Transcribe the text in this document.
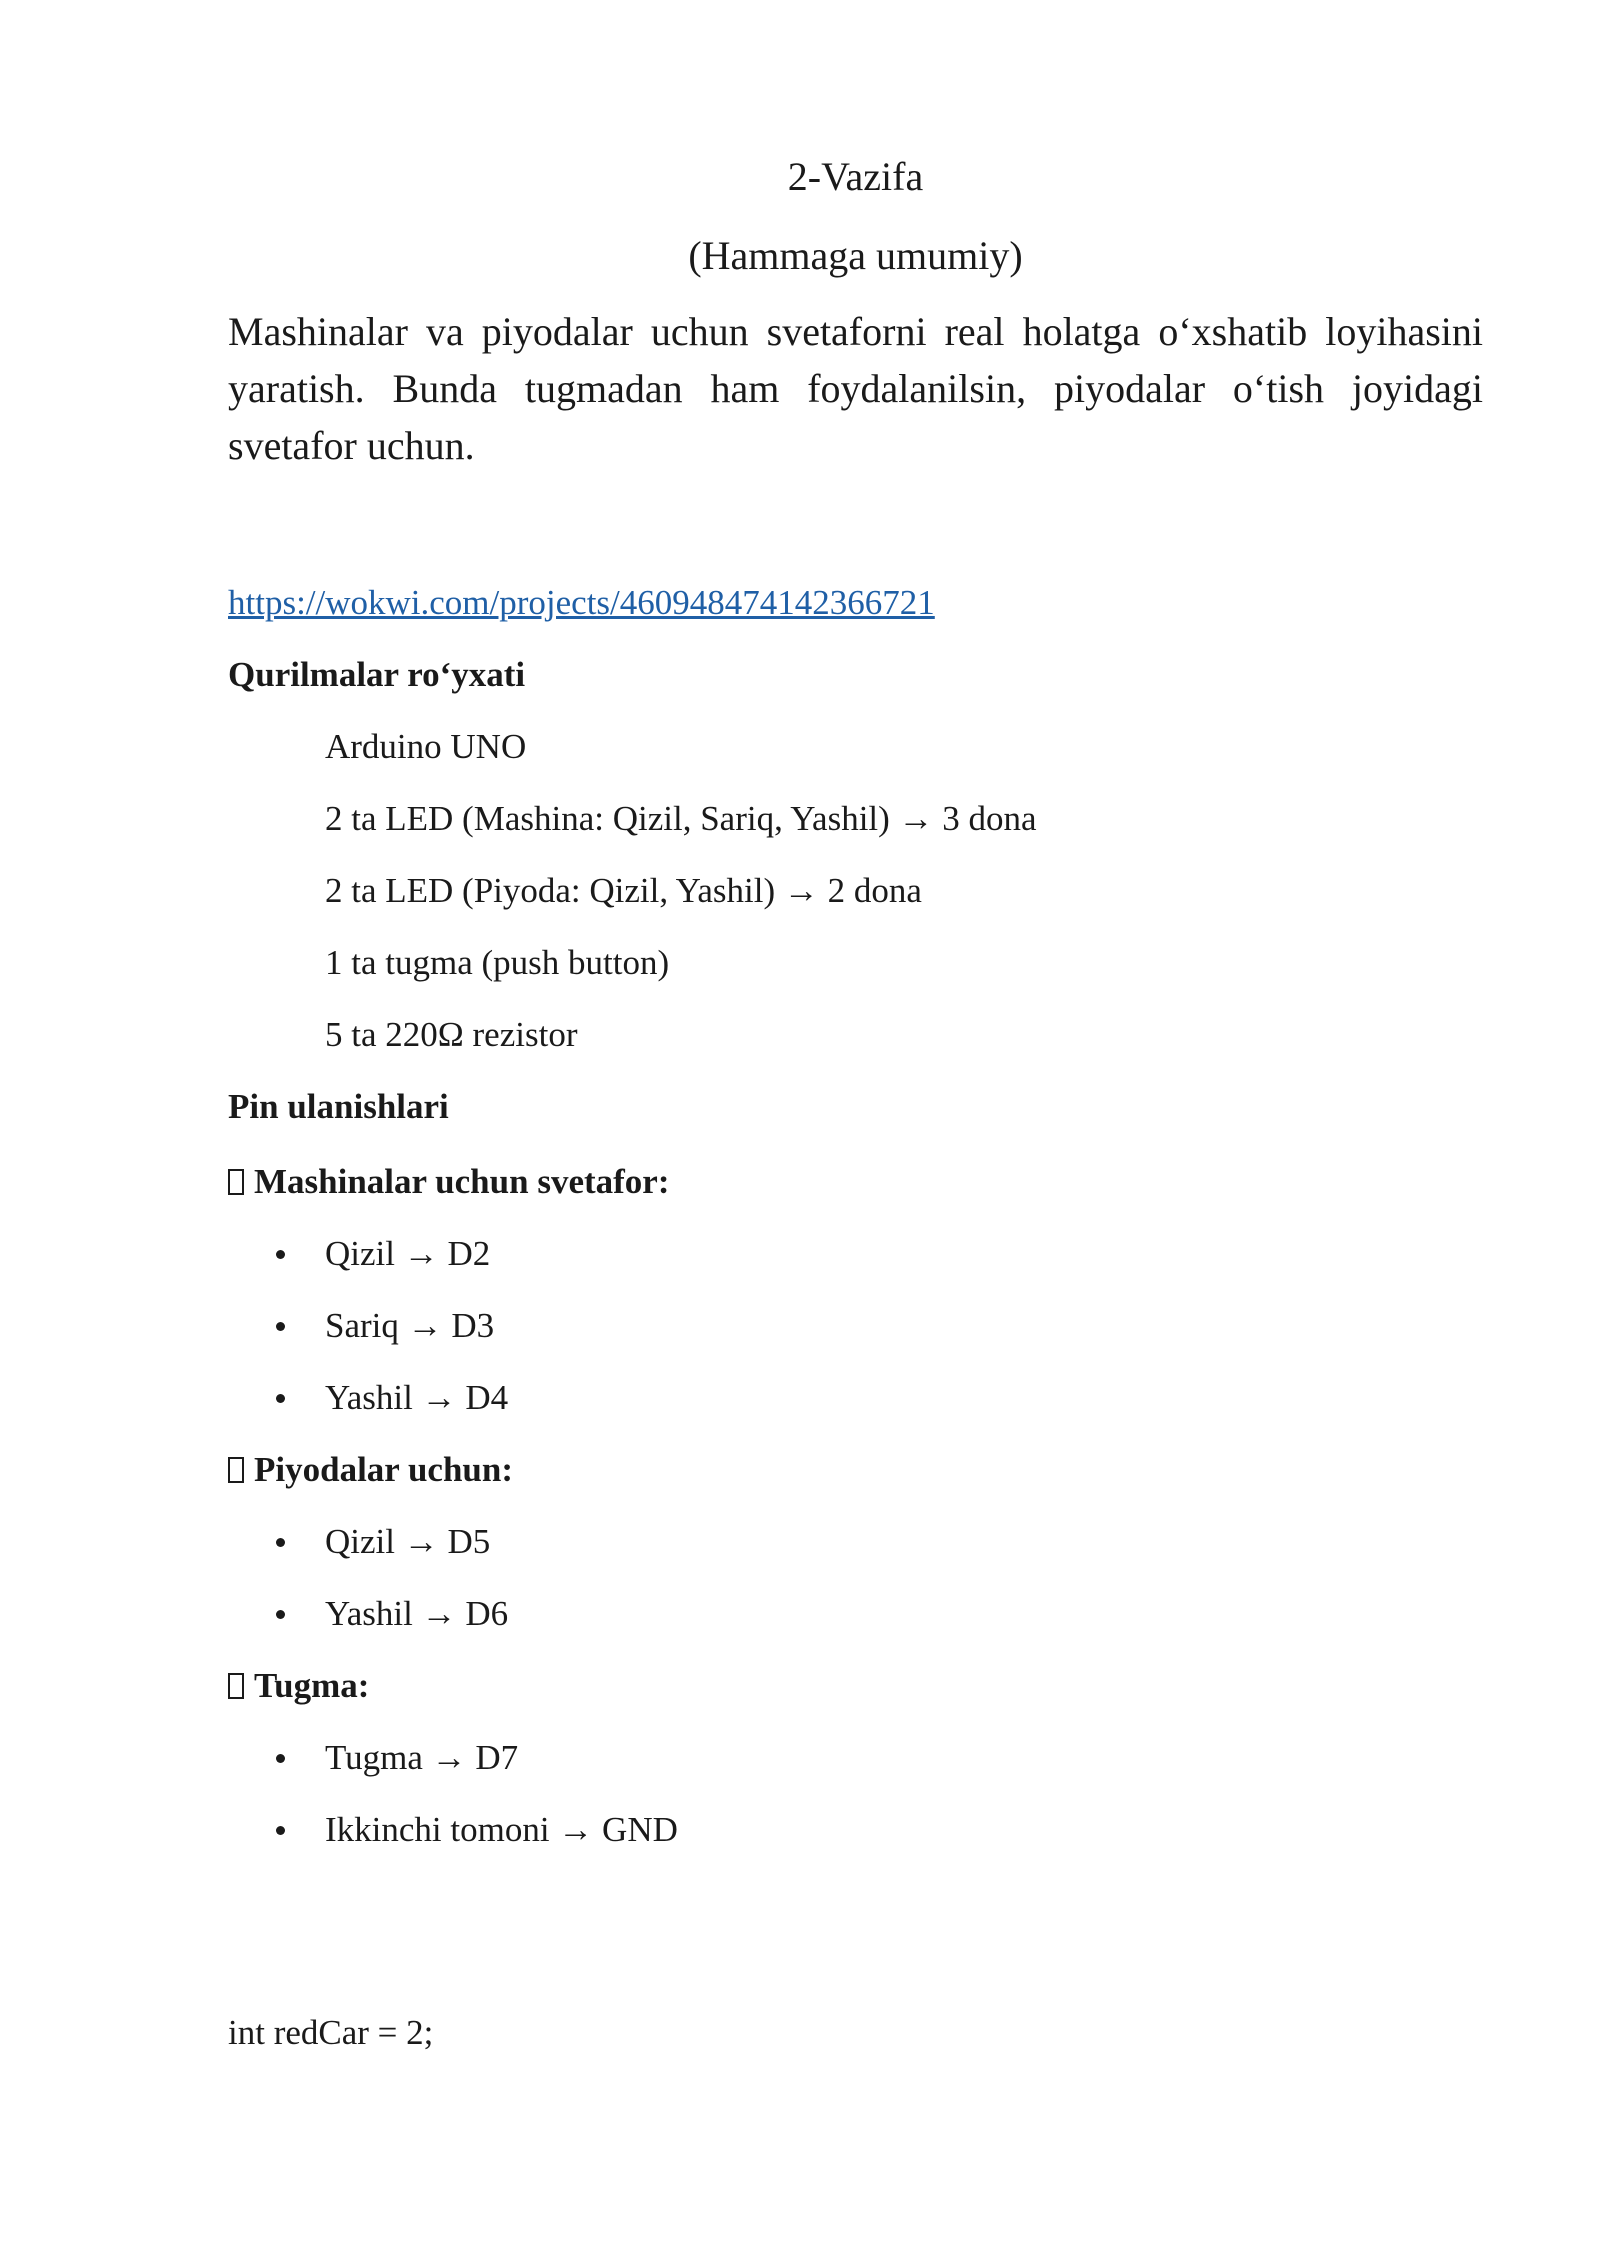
2-Vazifa
(Hammaga umumiy)

Mashinalar va piyodalar uchun svetaforni real holatga o‘xshatib loyihasini yaratish. Bunda tugmadan ham foydalanilsin, piyodalar o‘tish joyidagi svetafor uchun.

https://wokwi.com/projects/460948474142366721
Qurilmalar ro‘yxati
Arduino UNO
2 ta LED (Mashina: Qizil, Sariq, Yashil) → 3 dona
2 ta LED (Piyoda: Qizil, Yashil) → 2 dona
1 ta tugma (push button)
5 ta 220Ω rezistor
Pin ulanishlari
Mashinalar uchun svetafor:
Qizil → D2
Sariq → D3
Yashil → D4
Piyodalar uchun:
Qizil → D5
Yashil → D6
Tugma:
Tugma → D7
Ikkinchi tomoni → GND
int redCar = 2;
